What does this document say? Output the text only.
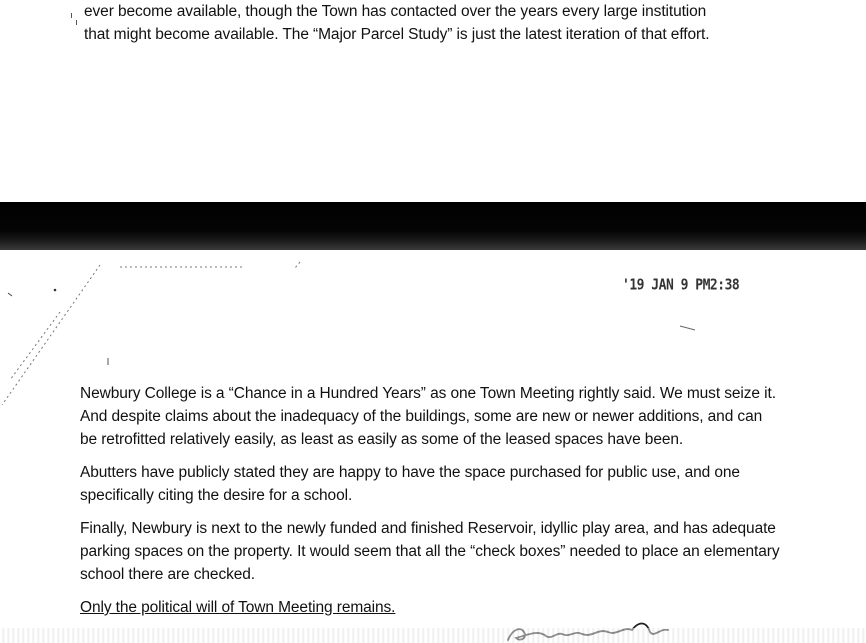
ever become available, though the Town has contacted over the years every large institution

that might become available. The “Major Parcel Study” is just the latest iteration of that effort.

'19 JAN 9 PM2:38

Newbury College is a “Chance in a Hundred Years” as one Town Meeting rightly said. We must seize it. And despite claims about the inadequacy of the buildings, some are new or newer additions, and can be retrofitted relatively easily, as least as easily as some of the leased spaces have been.

Abutters have publicly stated they are happy to have the space purchased for public use, and one specifically citing the desire for a school.

Finally, Newbury is next to the newly funded and finished Reservoir, idyllic play area, and has adequate parking spaces on the property. It would seem that all the “check boxes” needed to place an elementary school there are checked.

Only the political will of Town Meeting remains.
